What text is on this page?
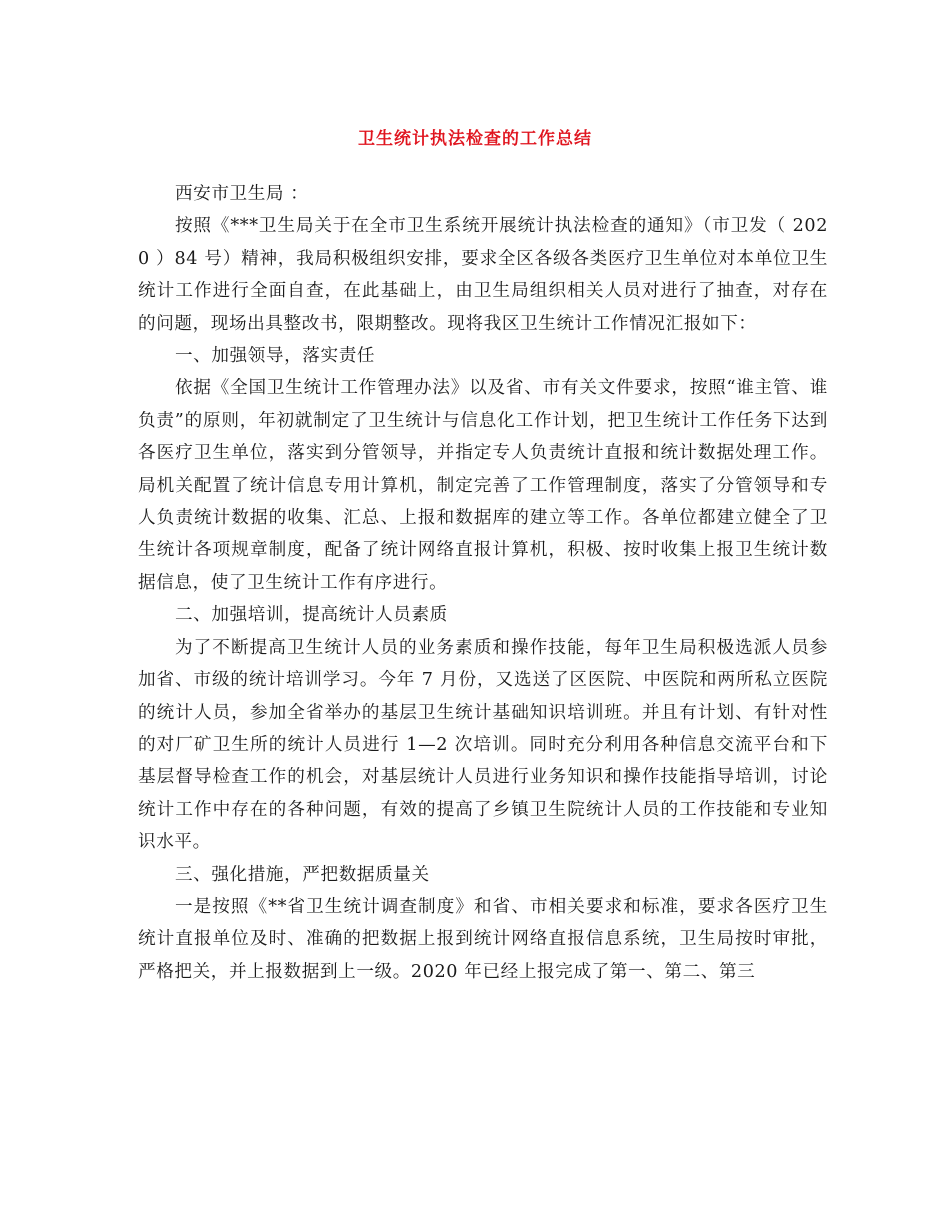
卫生统计执法检查的工作总结

西安市卫生局 ：

按照《***卫生局关于在全市卫生系统开展统计执法检查的通知》（市卫发（ 2020 ）84 号）精神，我局积极组织安排，要求全区各级各类医疗卫生单位对本单位卫生统计工作进行全面自查，在此基础上，由卫生局组织相关人员对进行了抽查，对存在的问题，现场出具整改书，限期整改。现将我区卫生统计工作情况汇报如下：

一、加强领导，落实责任

依据《全国卫生统计工作管理办法》以及省、市有关文件要求，按照“谁主管、谁负责”的原则，年初就制定了卫生统计与信息化工作计划，把卫生统计工作任务下达到各医疗卫生单位，落实到分管领导，并指定专人负责统计直报和统计数据处理工作。局机关配置了统计信息专用计算机，制定完善了工作管理制度，落实了分管领导和专人负责统计数据的收集、汇总、上报和数据库的建立等工作。各单位都建立健全了卫生统计各项规章制度，配备了统计网络直报计算机，积极、按时收集上报卫生统计数据信息，使了卫生统计工作有序进行。

二、加强培训，提高统计人员素质

为了不断提高卫生统计人员的业务素质和操作技能，每年卫生局积极选派人员参加省、市级的统计培训学习。今年 7 月份，又选送了区医院、中医院和两所私立医院的统计人员，参加全省举办的基层卫生统计基础知识培训班。并且有计划、有针对性的对厂矿卫生所的统计人员进行 1—2 次培训。同时充分利用各种信息交流平台和下基层督导检查工作的机会，对基层统计人员进行业务知识和操作技能指导培训，讨论统计工作中存在的各种问题，有效的提高了乡镇卫生院统计人员的工作技能和专业知识水平。

三、强化措施，严把数据质量关

一是按照《**省卫生统计调查制度》和省、市相关要求和标准，要求各医疗卫生统计直报单位及时、准确的把数据上报到统计网络直报信息系统，卫生局按时审批，严格把关，并上报数据到上一级。2020 年已经上报完成了第一、第二、第三
